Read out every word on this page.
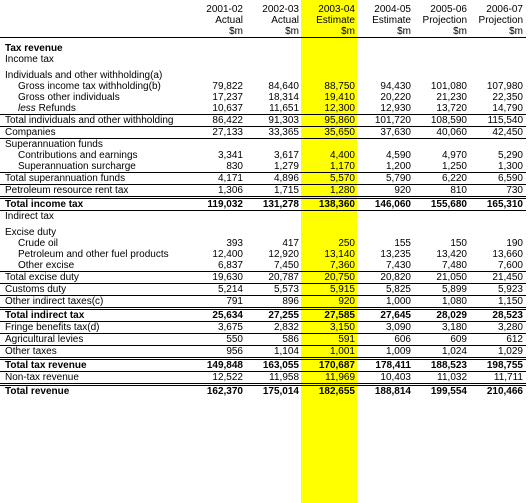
	2001-02	2002-03	2003-04	2004-05	2005-06	2006-07
	Actual	Actual	Estimate	Estimate	Projection	Projection
	$m	$m	$m	$m	$m	$m

Tax revenue						
Income tax						

Individuals and other withholding(a)						
Gross income tax withholding(b)	79,822	84,640	88,750	94,430	101,080	107,980
Gross other individuals	17,237	18,314	19,410	20,220	21,230	22,350
less Refunds	10,637	11,651	12,300	12,930	13,720	14,790
Total individuals and other withholding	86,422	91,303	95,860	101,720	108,590	115,540
Companies	27,133	33,365	35,650	37,630	40,060	42,450
Superannuation funds						
Contributions and earnings	3,341	3,617	4,400	4,590	4,970	5,290
Superannuation surcharge	830	1,279	1,170	1,200	1,250	1,300
Total superannuation funds	4,171	4,896	5,570	5,790	6,220	6,590
Petroleum resource rent tax	1,306	1,715	1,280	920	810	730
Total income tax	119,032	131,278	138,360	146,060	155,680	165,310
Indirect tax						

Excise duty						
Crude oil	393	417	250	155	150	190
Petroleum and other fuel products	12,400	12,920	13,140	13,235	13,420	13,660
Other excise	6,837	7,450	7,360	7,430	7,480	7,600
Total excise duty	19,630	20,787	20,750	20,820	21,050	21,450
Customs duty	5,214	5,573	5,915	5,825	5,899	5,923
Other indirect taxes(c)	791	896	920	1,000	1,080	1,150
Total indirect tax	25,634	27,255	27,585	27,645	28,029	28,523
Fringe benefits tax(d)	3,675	2,832	3,150	3,090	3,180	3,280
Agricultural levies	550	586	591	606	609	612
Other taxes	956	1,104	1,001	1,009	1,024	1,029
Total tax revenue	149,848	163,055	170,687	178,411	188,523	198,755
Non-tax revenue	12,522	11,958	11,969	10,403	11,032	11,711
Total revenue	162,370	175,014	182,655	188,814	199,554	210,466
